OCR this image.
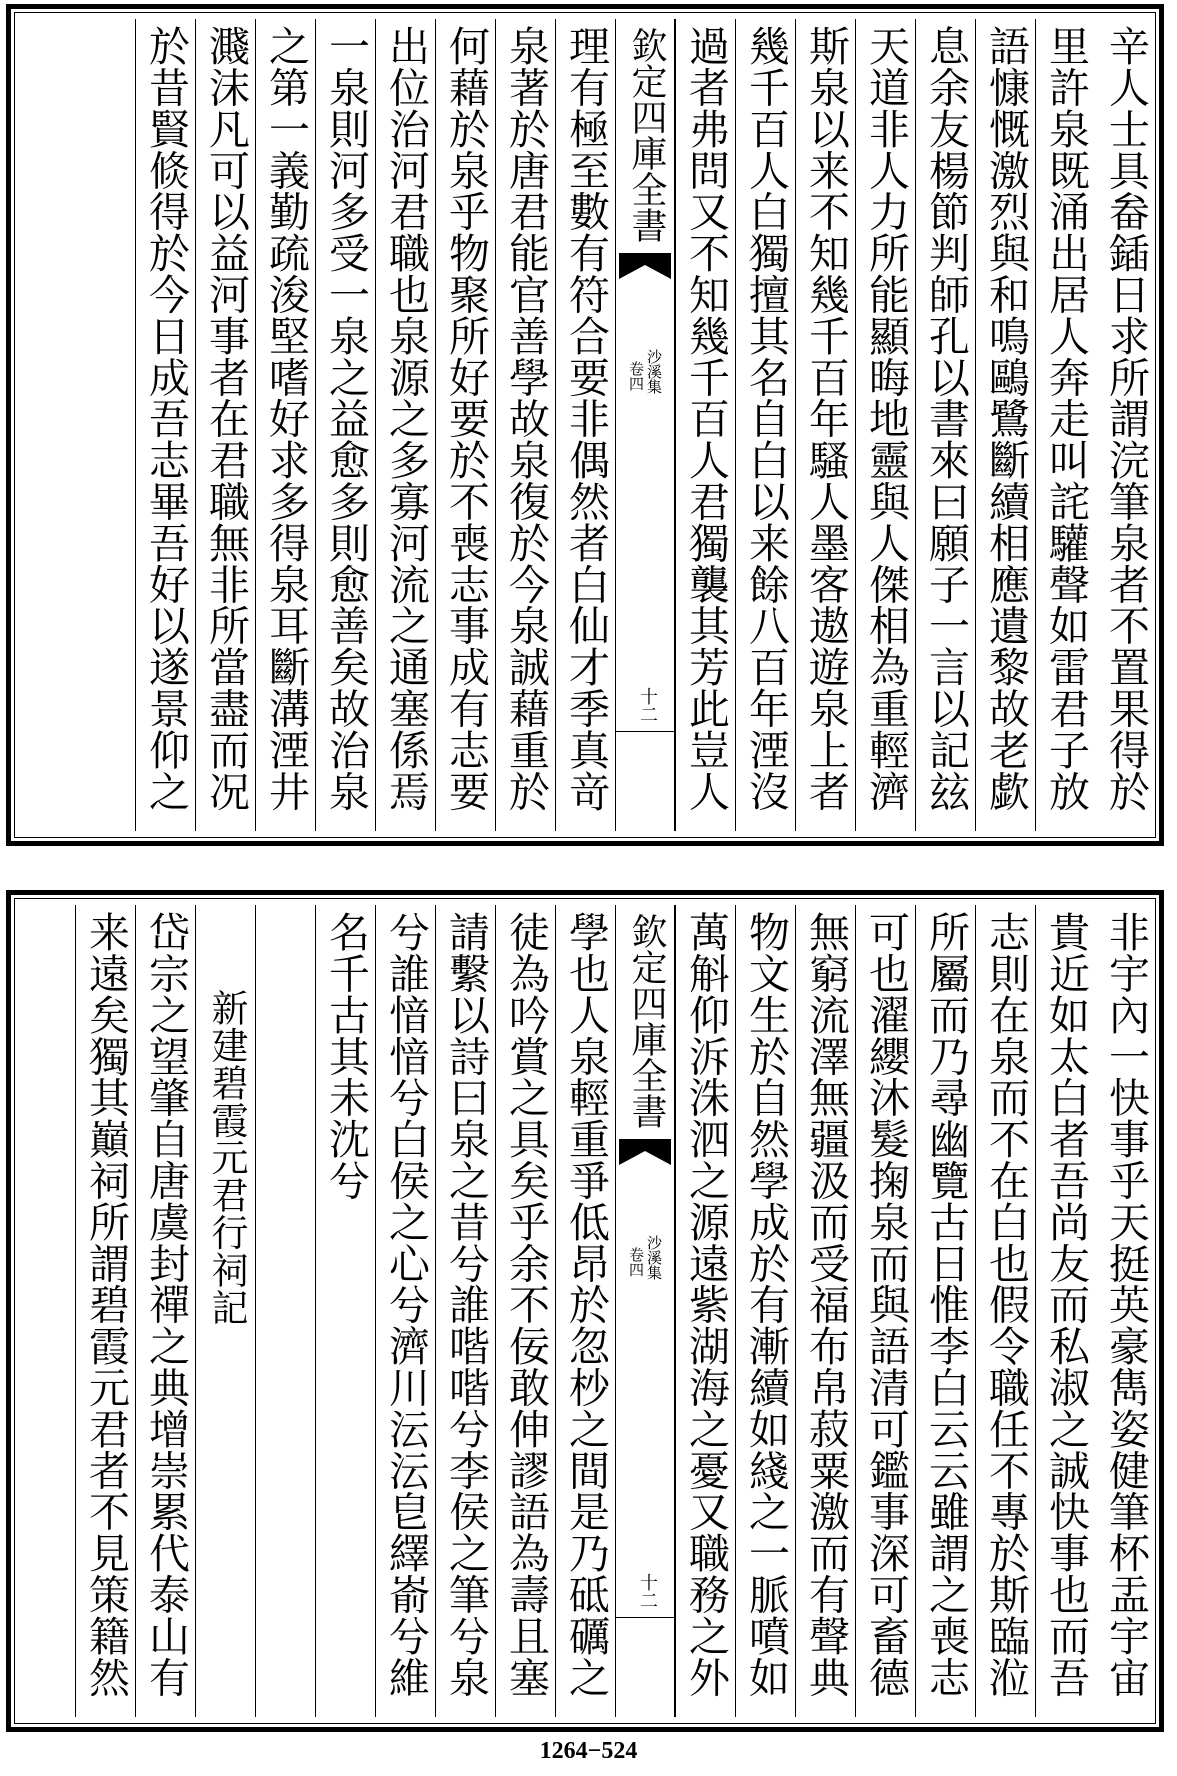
辛人士具畚鍤日求所謂浣筆泉者不置果得於
里許泉既涌出居人奔走叫詫驩聲如雷君子放
語慷慨激烈與和鳴鷗鷺斷續相應遺黎故老歔
息余友楊節判師孔以書來曰願子一言以記玆
天道非人力所能顯晦地靈與人傑相為重輕濟
斯泉以来不知幾千百年騷人墨客遨遊泉上者
幾千百人白獨擅其名自白以来餘八百年湮沒
過者弗問又不知幾千百人君獨襲其芳此豈人
欽定四庫全書
沙溪集
卷四
十二
理有極至數有符合要非偶然者白仙才季真竒
泉著於唐君能官善學故泉復於今泉誠藉重於
何藉於泉乎物聚所好要於不喪志事成有志要
出位治河君職也泉源之多寡河流之通塞係焉
一泉則河多受一泉之益愈多則愈善矣故治泉
之第一義勤疏浚堅嗜好求多得泉耳斷溝湮井
濺沫凡可以益河事者在君職無非所當盡而况
於昔賢倐得於今日成吾志畢吾好以遂景仰之
非宇內一快事乎天挺英豪雋姿健筆杯盂宇宙
貴近如太白者吾尚友而私淑之誠快事也而吾
志則在泉而不在白也假令職任不專於斯臨涖
所屬而乃尋幽覽古日惟李白云云雖謂之喪志
可也濯纓沐髮掬泉而與語清可鑑事深可畜德
無窮流澤無疆汲而受福布帛菽粟激而有聲典
物文生於自然學成於有漸續如綫之一脈噴如
萬斛仰泝洙泗之源遠紫湖海之憂又職務之外
欽定四庫全書
沙溪集
卷四
十二
學也人泉輕重爭低昂於忽杪之間是乃砥礪之
徒為吟賞之具矣乎余不佞敢伸謬語為壽且塞
請繫以詩曰泉之昔兮誰喈喈兮李侯之筆兮泉
兮誰愔愔兮白侯之心兮濟川沄沄皀繹嵛兮維
名千古其未沈兮
新建碧霞元君行祠記
岱宗之望肇自唐虞封禪之典增崇累代泰山有
来遠矣獨其巔祠所謂碧霞元君者不見策籍然
1264−524
